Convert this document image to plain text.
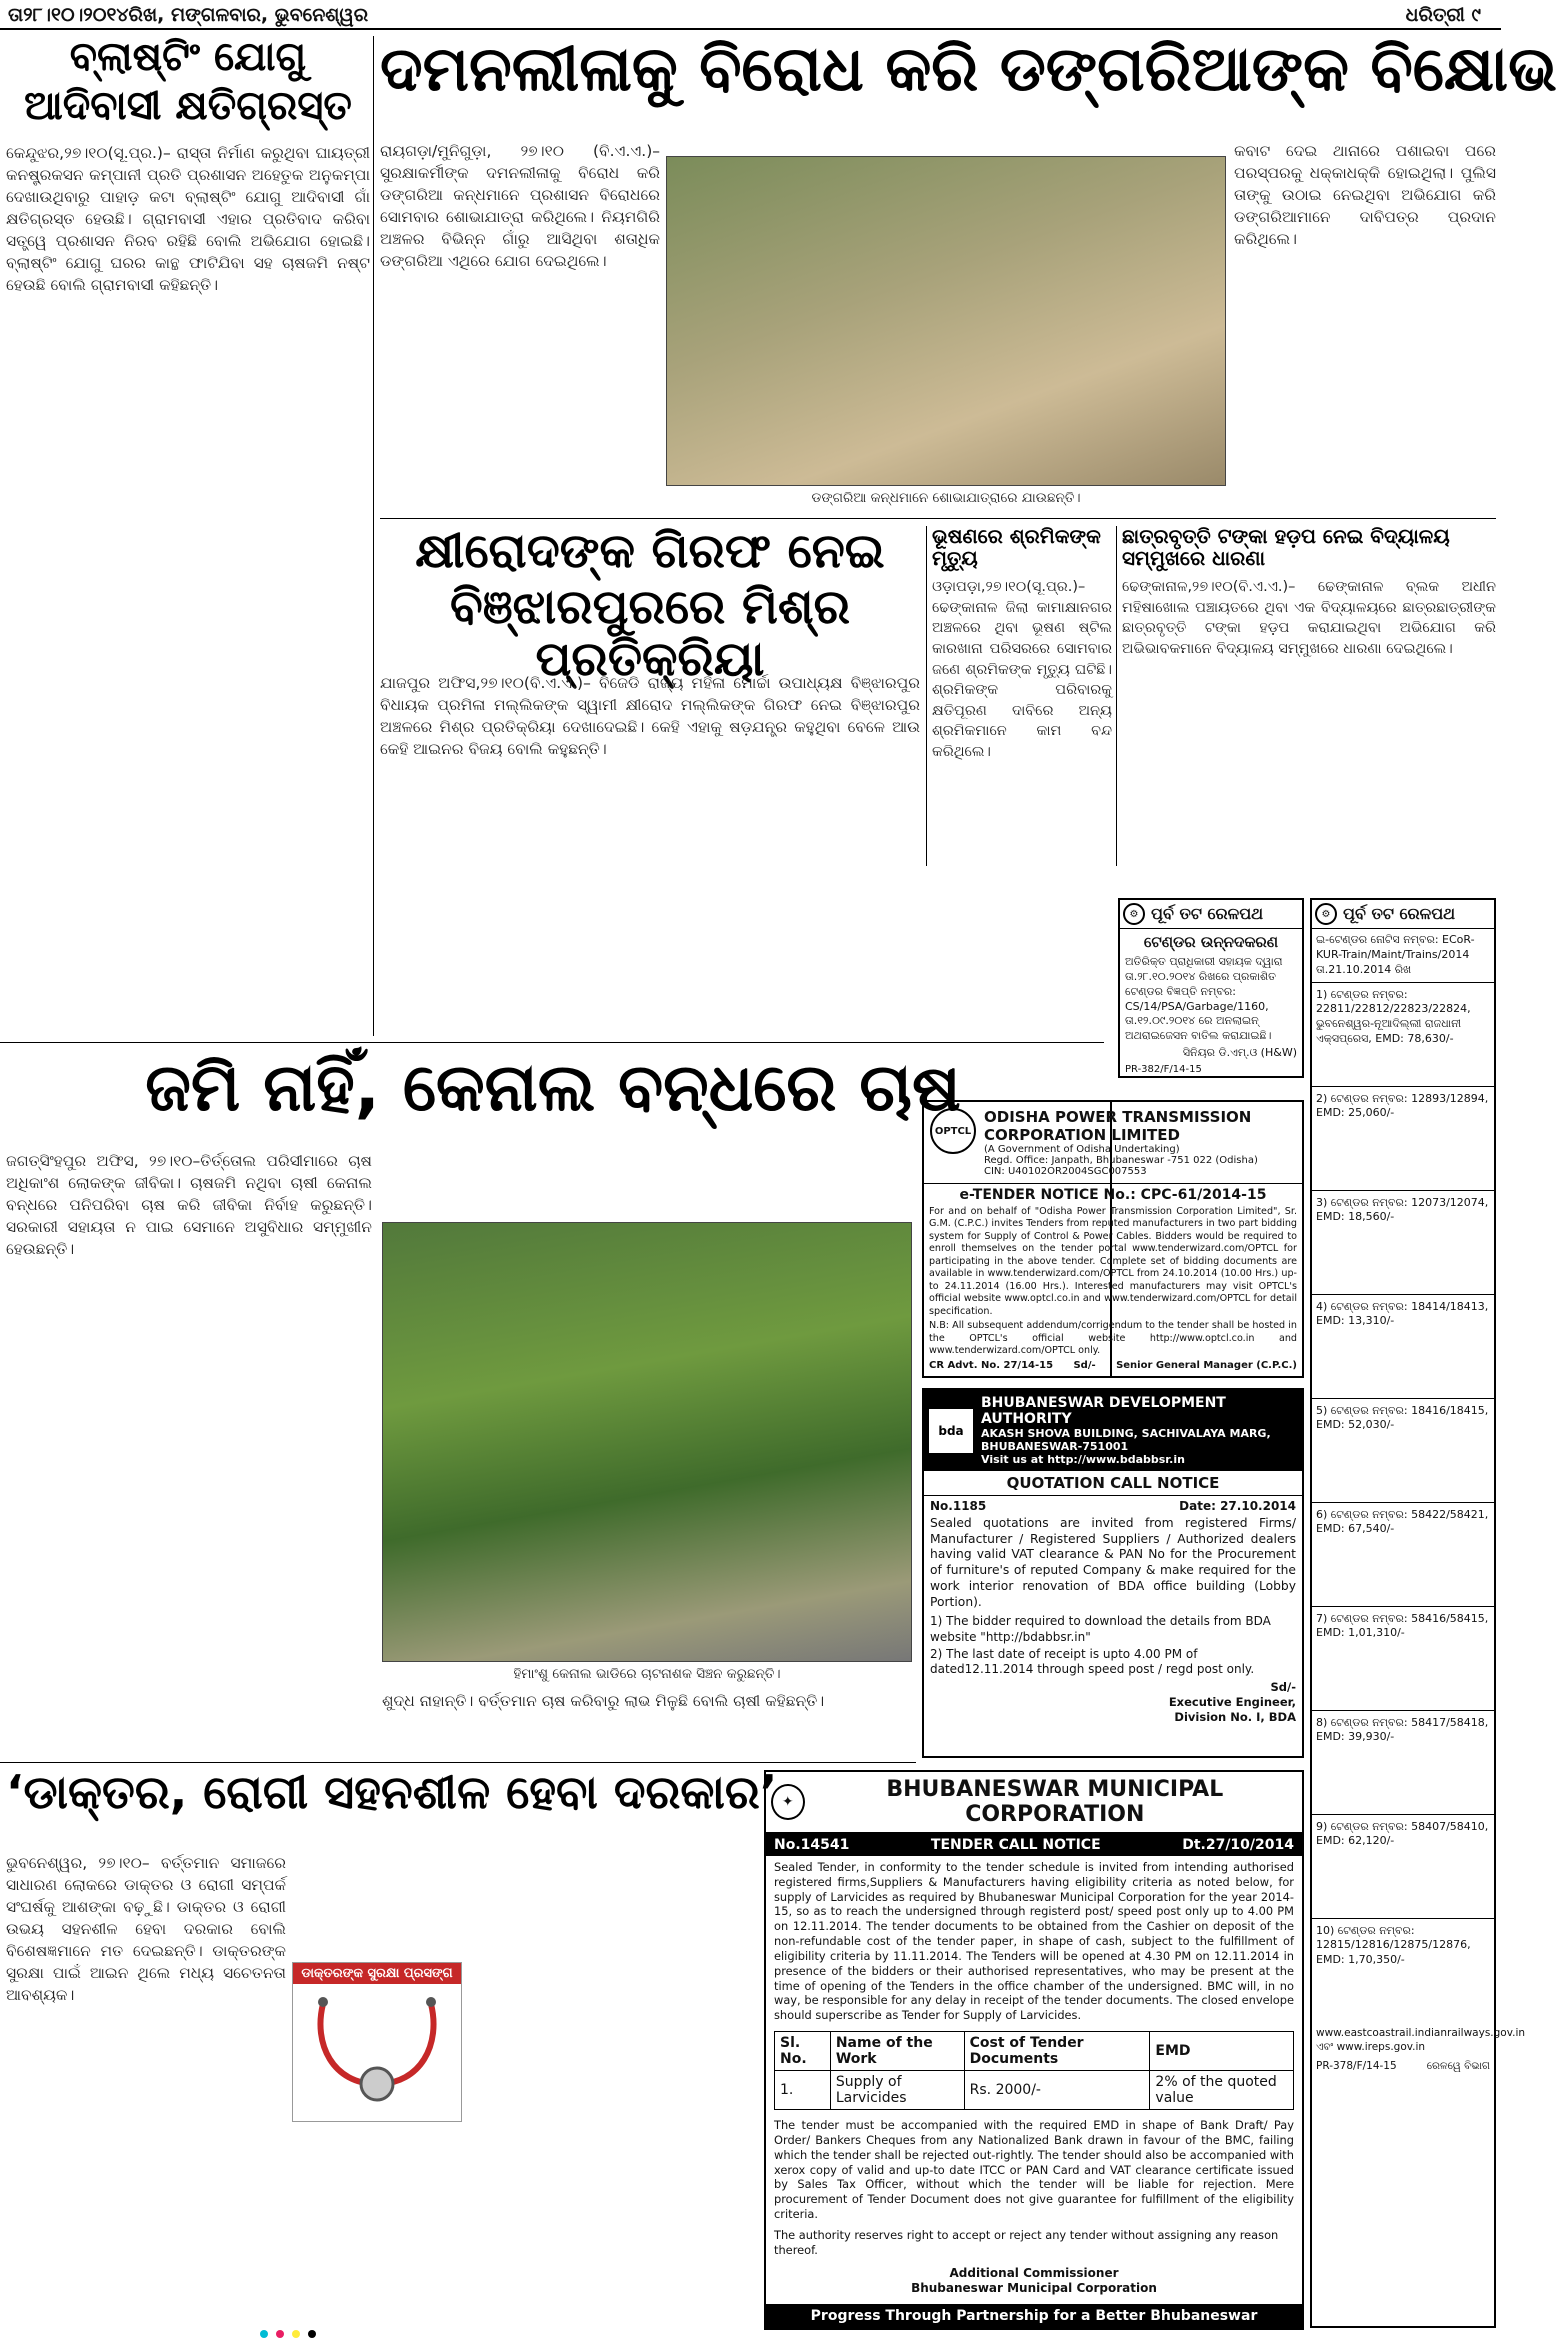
ତା୨୮।୧୦।୨୦୧୪ରିଖ, ମଙ୍ଗଳବାର, ଭୁବନେଶ୍ୱର	ଧରିତ୍ରୀ ୯
ବ୍ଲାଷ୍ଟିଂ ଯୋଗୁ
ଆଦିବାସୀ କ୍ଷତିଗ୍ରସ୍ତ
କେନ୍ଦୁଝର,୨୭।୧୦(ସୂ.ପ୍ର.)– ରାସ୍ତା ନିର୍ମାଣ କରୁଥିବା ଘାୟତ୍ରୀ କନଷ୍ଟ୍ରକସନ କମ୍ପାନୀ ପ୍ରତି ପ୍ରଶାସନ ଅହେତୁକ ଅନୁକମ୍ପା ଦେଖାଉଥିବାରୁ ପାହାଡ଼ କଟା ବ୍ଲାଷ୍ଟିଂ ଯୋଗୁ ଆଦିବାସୀ ଗାଁ କ୍ଷତିଗ୍ରସ୍ତ ହେଉଛି। ଗ୍ରାମବାସୀ ଏହାର ପ୍ରତିବାଦ କରିବା ସତ୍ତ୍ୱେ ପ୍ରଶାସନ ନିରବ ରହିଛି ବୋଲି ଅଭିଯୋଗ ହୋଇଛି। ବ୍ଲାଷ୍ଟିଂ ଯୋଗୁ ଘରର କାନ୍ଥ ଫାଟିଯିବା ସହ ଚାଷଜମି ନଷ୍ଟ ହେଉଛି ବୋଲି ଗ୍ରାମବାସୀ କହିଛନ୍ତି।
ଦମନଲୀଳାକୁ ବିରୋଧ କରି ଡଙ୍ଗରିଆଙ୍କ ବିକ୍ଷୋଭ
ରାୟଗଡ଼ା/ମୁନିଗୁଡ଼ା, ୨୭।୧୦ (ବି.ଏ.ଏ.)– ସୁରକ୍ଷାକର୍ମୀଙ୍କ ଦମନଲୀଳାକୁ ବିରୋଧ କରି ଡଙ୍ଗରିଆ କନ୍ଧମାନେ ପ୍ରଶାସନ ବିରୋଧରେ ସୋମବାର ଶୋଭାଯାତ୍ରା କରିଥିଲେ। ନିୟମଗିରି ଅଞ୍ଚଳର ବିଭିନ୍ନ ଗାଁରୁ ଆସିଥିବା ଶତାଧିକ ଡଙ୍ଗରିଆ ଏଥିରେ ଯୋଗ ଦେଇଥିଲେ।
ଡଙ୍ଗରିଆ କନ୍ଧମାନେ ଶୋଭାଯାତ୍ରାରେ ଯାଉଛନ୍ତି।
କବାଟ ଦେଇ ଥାନାରେ ପଶାଇବା ପରେ ପରସ୍ପରକୁ ଧକ୍କାଧକ୍କି ହୋଇଥିଲା। ପୁଲିସ ତାଙ୍କୁ ଉଠାଇ ନେଇଥିବା ଅଭିଯୋଗ କରି ଡଙ୍ଗରିଆମାନେ ଦାବିପତ୍ର ପ୍ରଦାନ କରିଥିଲେ।
କ୍ଷୀରୋଦଙ୍କ ଗିରଫ ନେଇ
ବିଞ୍ଝାରପୁରରେ ମିଶ୍ର ପ୍ରତିକ୍ରିୟା
ଯାଜପୁର ଅଫିସ,୨୭।୧୦(ବି.ଏ.ଏ.)– ବିଜେଡି ରାଜ୍ୟ ମହିଳା ମୋର୍ଚ୍ଚା ଉପାଧ୍ୟକ୍ଷ ବିଞ୍ଝାରପୁର ବିଧାୟକ ପ୍ରମିଳା ମଲ୍ଲିକଙ୍କ ସ୍ୱାମୀ କ୍ଷୀରୋଦ ମଲ୍ଲିକଙ୍କ ଗିରଫ ନେଇ ବିଞ୍ଝାରପୁର ଅଞ୍ଚଳରେ ମିଶ୍ର ପ୍ରତିକ୍ରିୟା ଦେଖାଦେଇଛି। କେହି ଏହାକୁ ଷଡ଼ଯନ୍ତ୍ର କହୁଥିବା ବେଳେ ଆଉ କେହି ଆଇନର ବିଜୟ ବୋଲି କହୁଛନ୍ତି।
ଭୂଷଣରେ ଶ୍ରମିକଙ୍କ ମୃତ୍ୟୁ
ଓଡ଼ାପଡ଼ା,୨୭।୧୦(ସୂ.ପ୍ର.)– ଢେଙ୍କାନାଳ ଜିଲା କାମାକ୍ଷାନଗର ଅଞ୍ଚଳରେ ଥିବା ଭୂଷଣ ଷ୍ଟିଲ କାରଖାନା ପରିସରରେ ସୋମବାର ଜଣେ ଶ୍ରମିକଙ୍କ ମୃତ୍ୟୁ ଘଟିଛି। ଶ୍ରମିକଙ୍କ ପରିବାରକୁ କ୍ଷତିପୂରଣ ଦାବିରେ ଅନ୍ୟ ଶ୍ରମିକମାନେ କାମ ବନ୍ଦ କରିଥିଲେ।
ଛାତ୍ରବୃତ୍ତି ଟଙ୍କା ହଡ଼ପ ନେଇ ବିଦ୍ୟାଳୟ ସମ୍ମୁଖରେ ଧାରଣା
ଢେଙ୍କାନାଳ,୨୭।୧୦(ବି.ଏ.ଏ.)– ଢେଙ୍କାନାଳ ବ୍ଲକ ଅଧୀନ ମହିଷାଖୋଲ ପଞ୍ଚାୟତରେ ଥିବା ଏକ ବିଦ୍ୟାଳୟରେ ଛାତ୍ରଛାତ୍ରୀଙ୍କ ଛାତ୍ରବୃତ୍ତି ଟଙ୍କା ହଡ଼ପ କରାଯାଇଥିବା ଅଭିଯୋଗ କରି ଅଭିଭାବକମାନେ ବିଦ୍ୟାଳୟ ସମ୍ମୁଖରେ ଧାରଣା ଦେଇଥିଲେ।
⚙ ପୂର୍ବ ତଟ ରେଳପଥ
ଟେଣ୍ଡର ଉନ୍ନଦକରଣ
ଅତିରିକ୍ତ ପ୍ରାଧିକାରୀ ସହାୟକ ଦ୍ୱାରା ତା.୨୮.୧୦.୨୦୧୪ ରିଖରେ ପ୍ରକାଶିତ ଟେଣ୍ଡର ବିଜ୍ଞପ୍ତି ନମ୍ବର: CS/14/PSA/Garbage/1160, ତା.୧୨.୦୯.୨୦୧୪ ରେ ଅନଲାଇନ୍ ଅଥରାଇଜେସନ ବାତିଲ କରାଯାଇଛି।
ସିନିୟର ଡି.ଏମ୍.ଓ (H&W)
PR-382/F/14-15
⚙ ପୂର୍ବ ତଟ ରେଳପଥ
ଇ-ଟେଣ୍ଡର ନୋଟିସ ନମ୍ବର: ECoR-KUR-Train/Maint/Trains/2014 ତା.21.10.2014 ରିଖ
1) ଟେଣ୍ଡର ନମ୍ବର: 22811/22812/22823/22824, ଭୁବନେଶ୍ୱର-ନୂଆଦିଲ୍ଲୀ ରାଜଧାନୀ ଏକ୍ସପ୍ରେସ, EMD: 78,630/-
2) ଟେଣ୍ଡର ନମ୍ବର: 12893/12894, EMD: 25,060/-
3) ଟେଣ୍ଡର ନମ୍ବର: 12073/12074, EMD: 18,560/-
4) ଟେଣ୍ଡର ନମ୍ବର: 18414/18413, EMD: 13,310/-
5) ଟେଣ୍ଡର ନମ୍ବର: 18416/18415, EMD: 52,030/-
6) ଟେଣ୍ଡର ନମ୍ବର: 58422/58421, EMD: 67,540/-
7) ଟେଣ୍ଡର ନମ୍ବର: 58416/58415, EMD: 1,01,310/-
8) ଟେଣ୍ଡର ନମ୍ବର: 58417/58418, EMD: 39,930/-
9) ଟେଣ୍ଡର ନମ୍ବର: 58407/58410, EMD: 62,120/-
10) ଟେଣ୍ଡର ନମ୍ବର: 12815/12816/12875/12876, EMD: 1,70,350/-
www.eastcoastrail.indianrailways.gov.in ଏବଂ www.ireps.gov.in
PR-378/F/14-15	ରେଳୱେ ବିଭାଗ
ଜମି ନାହିଁ, କେନାଲ ବନ୍ଧରେ ଚାଷ
ଜଗତ୍‌ସିଂହପୁର ଅଫିସ, ୨୭।୧୦–ତିର୍ତ୍ତୋଲ ପରିସୀମାରେ ଚାଷ ଅଧିକାଂଶ ଲୋକଙ୍କ ଜୀବିକା। ଚାଷଜମି ନଥିବା ଚାଷୀ କେନାଲ ବନ୍ଧରେ ପନିପରିବା ଚାଷ କରି ଜୀବିକା ନିର୍ବାହ କରୁଛନ୍ତି। ସରକାରୀ ସହାୟତା ନ ପାଇ ସେମାନେ ଅସୁବିଧାର ସମ୍ମୁଖୀନ ହେଉଛନ୍ତି।
ହିମାଂଶୁ କେନାଲ ଭାଡିରେ ଚାଟନାଶକ ସିଞ୍ଚନ କରୁଛନ୍ତି।
ଶୁଦ୍ଧ ନାହାନ୍ତି। ବର୍ତ୍ତମାନ ଚାଷ କରିବାରୁ ଲାଭ ମିଳୁଛି ବୋଲି ଚାଷୀ କହିଛନ୍ତି।
OPTCL
ODISHA POWER TRANSMISSION
CORPORATION LIMITED
(A Government of Odisha Undertaking)
Regd. Office: Janpath, Bhubaneswar -751 022 (Odisha)
CIN: U40102OR2004SGC007553
e-TENDER NOTICE No.: CPC-61/2014-15
For and on behalf of "Odisha Power Transmission Corporation Limited", Sr. G.M. (C.P.C.) invites Tenders from reputed manufacturers in two part bidding system for Supply of Control & Power Cables. Bidders would be required to enroll themselves on the tender portal www.tenderwizard.com/OPTCL for participating in the above tender. Complete set of bidding documents are available in www.tenderwizard.com/OPTCL from 24.10.2014 (10.00 Hrs.) up-to 24.11.2014 (16.00 Hrs.). Interested manufacturers may visit OPTCL's official website www.optcl.co.in and www.tenderwizard.com/OPTCL for detail specification.
N.B: All subsequent addendum/corrigendum to the tender shall be hosted in the OPTCL's official website http://www.optcl.co.in and www.tenderwizard.com/OPTCL only.
CR Advt. No. 27/14-15 Sd/- Senior General Manager (C.P.C.)
bda
BHUBANESWAR DEVELOPMENT AUTHORITY
AKASH SHOVA BUILDING, SACHIVALAYA MARG,
BHUBANESWAR-751001
Visit us at http://www.bdabbsr.in
QUOTATION CALL NOTICE
No.1185	Date: 27.10.2014
Sealed quotations are invited from registered Firms/ Manufacturer / Registered Suppliers / Authorized dealers having valid VAT clearance & PAN No for the Procurement of furniture's of reputed Company & make required for the work interior renovation of BDA office building (Lobby Portion).
1) The bidder required to download the details from BDA website "http://bdabbsr.in"
2) The last date of receipt is upto 4.00 PM of dated12.11.2014 through speed post / regd post only.
Sd/-
Executive Engineer,
Division No. I, BDA
‘ଡାକ୍ତର, ରୋଗୀ ସହନଶୀଳ ହେବା ଦରକାର’
ଭୁବନେଶ୍ୱର, ୨୭।୧୦– ବର୍ତ୍ତମାନ ସମାଜରେ ସାଧାରଣ ଲୋକରେ ଡାକ୍ତର ଓ ରୋଗୀ ସମ୍ପର୍କ ସଂଘର୍ଷକୁ ଆଶଙ୍କା ବଢ଼ୁଛି। ଡାକ୍ତର ଓ ରୋଗୀ ଉଭୟ ସହନଶୀଳ ହେବା ଦରକାର ବୋଲି ବିଶେଷଜ୍ଞମାନେ ମତ ଦେଇଛନ୍ତି। ଡାକ୍ତରଙ୍କ ସୁରକ୍ଷା ପାଇଁ ଆଇନ ଥିଲେ ମଧ୍ୟ ସଚେତନତା ଆବଶ୍ୟକ।
ଡାକ୍ତରଙ୍କ ସୁରକ୍ଷା ପ୍ରସଙ୍ଗ
✦	BHUBANESWAR MUNICIPAL CORPORATION
No.14541	TENDER CALL NOTICE	Dt.27/10/2014
Sealed Tender, in conformity to the tender schedule is invited from intending authorised registered firms,Suppliers & Manufacturers having eligibility criteria as noted below, for supply of Larvicides as required by Bhubaneswar Municipal Corporation for the year 2014-15, so as to reach the undersigned through registerd post/ speed post only up to 4.00 PM on 12.11.2014. The tender documents to be obtained from the Cashier on deposit of the non-refundable cost of the tender paper, in shape of cash, subject to the fulfillment of eligibility criteria by 11.11.2014. The Tenders will be opened at 4.30 PM on 12.11.2014 in presence of the bidders or their authorised representatives, who may be present at the time of opening of the Tenders in the office chamber of the undersigned. BMC will, in no way, be responsible for any delay in receipt of the tender documents. The closed envelope should superscribe as Tender for Supply of Larvicides.
Sl. No.	Name of the Work	Cost of Tender Documents	EMD
1.	Supply of Larvicides	Rs. 2000/-	2% of the quoted value
The tender must be accompanied with the required EMD in shape of Bank Draft/ Pay Order/ Bankers Cheques from any Nationalized Bank drawn in favour of the BMC, failing which the tender shall be rejected out-rightly. The tender should also be accompanied with xerox copy of valid and up-to date ITCC or PAN Card and VAT clearance certificate issued by Sales Tax Officer, without which the tender will be liable for rejection. Mere procurement of Tender Document does not give guarantee for fulfillment of the eligibility criteria.
The authority reserves right to accept or reject any tender without assigning any reason thereof.
Additional Commissioner
Bhubaneswar Municipal Corporation
Progress Through Partnership for a Better Bhubaneswar
